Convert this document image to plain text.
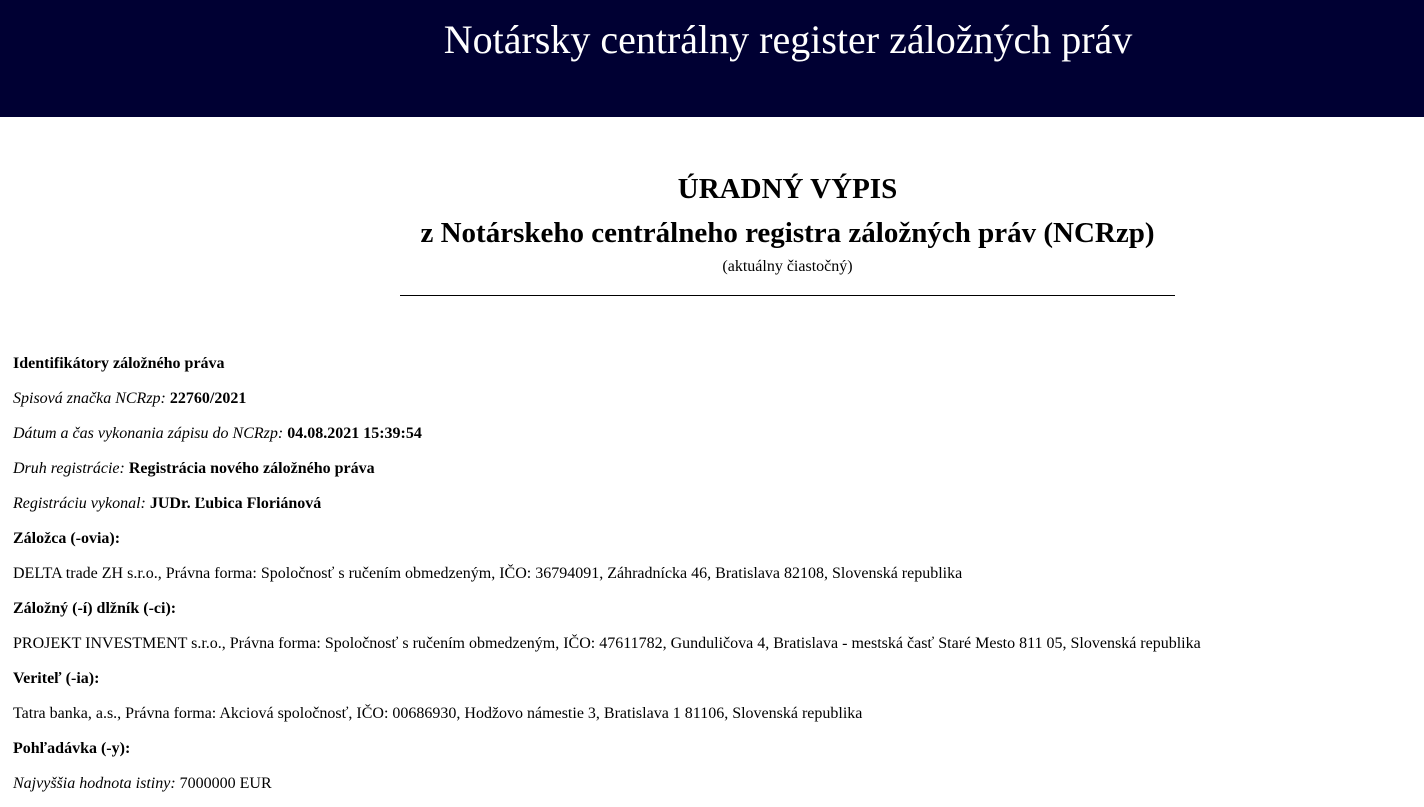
Notársky centrálny register záložných práv
ÚRADNÝ VÝPIS
z Notárskeho centrálneho registra záložných práv (NCRzp)
(aktuálny čiastočný)
Identifikátory záložného práva
Spisová značka NCRzp: 22760/2021
Dátum a čas vykonania zápisu do NCRzp: 04.08.2021 15:39:54
Druh registrácie: Registrácia nového záložného práva
Registráciu vykonal: JUDr. Ľubica Floriánová
Záložca (-ovia):
DELTA trade ZH s.r.o., Právna forma: Spoločnosť s ručením obmedzeným, IČO: 36794091, Záhradnícka 46, Bratislava 82108, Slovenská republika
Záložný (-í) dlžník (-ci):
PROJEKT INVESTMENT s.r.o., Právna forma: Spoločnosť s ručením obmedzeným, IČO: 47611782, Gunduličova 4, Bratislava - mestská časť Staré Mesto 811 05, Slovenská republika
Veriteľ (-ia):
Tatra banka, a.s., Právna forma: Akciová spoločnosť, IČO: 00686930, Hodžovo námestie 3, Bratislava 1 81106, Slovenská republika
Pohľadávka (-y):
Najvyššia hodnota istiny: 7000000 EUR
